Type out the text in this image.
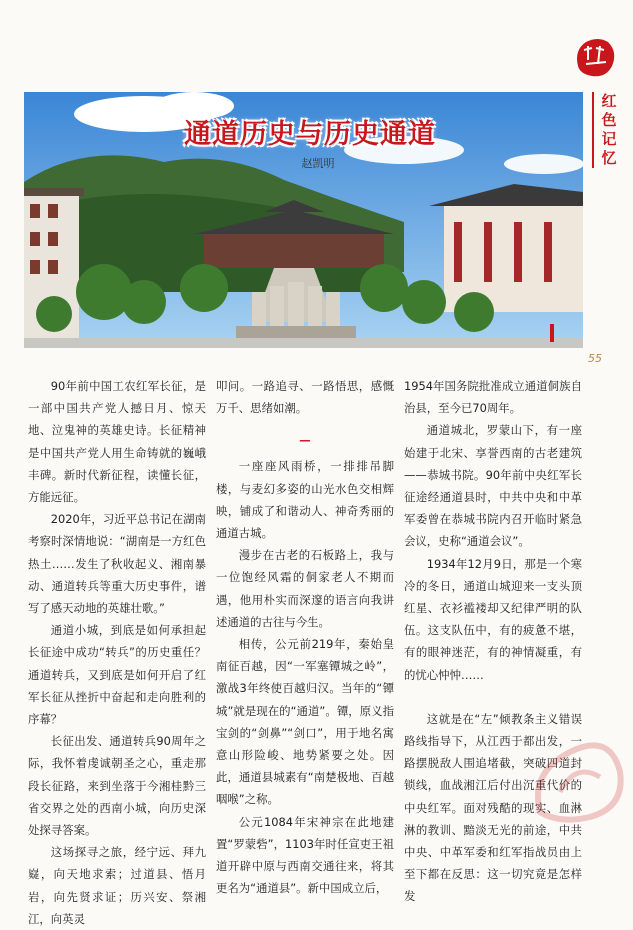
红
色
记
忆
通道历史与历史通道
赵凯明
55

90年前中国工农红军长征，是一部中国共产党人撼日月、惊天地、泣鬼神的英雄史诗。长征精神是中国共产党人用生命铸就的巍峨丰碑。新时代新征程，读懂长征，方能远征。

2020年，习近平总书记在湖南考察时深情地说：“湖南是一方红色热土……发生了秋收起义、湘南暴动、通道转兵等重大历史事件，谱写了感天动地的英雄壮歌。”

通道小城，到底是如何承担起长征途中成功“转兵”的历史重任？通道转兵，又到底是如何开启了红军长征从挫折中奋起和走向胜利的序幕？

长征出发、通道转兵90周年之际，我怀着虔诚朝圣之心，重走那段长征路，来到坐落于今湘桂黔三省交界之处的西南小城，向历史深处探寻答案。

这场探寻之旅，经宁远、拜九嶷，向天地求索；过道县、悟月岩，向先贤求证；历兴安、祭湘江，向英灵

叩问。一路追寻、一路悟思，感慨万千、思绪如潮。

—

一座座风雨桥，一排排吊脚楼，与麦幻多姿的山光水色交相辉映，铺成了和谐动人、神奇秀丽的通道古城。

漫步在古老的石板路上，我与一位饱经风霜的侗家老人不期而遇，他用朴实而深邃的语言向我讲述通道的古往与今生。

相传，公元前219年，秦始皇南征百越，因“一军塞镡城之岭”，激战3年终使百越归汉。当年的“镡城”就是现在的“通道”。镡，原义指宝剑的“剑鼻”“剑口”，用于地名寓意山形险峻、地势紧要之处。因此，通道县城素有“南楚极地、百越咽喉”之称。

公元1084年宋神宗在此地建置“罗蒙砦”，1103年时任宣吏王祖道开辟中原与西南交通往来，将其更名为“通道县”。新中国成立后，

1954年国务院批准成立通道侗族自治县，至今已70周年。

通道城北，罗蒙山下，有一座始建于北宋、享誉西南的古老建筑——恭城书院。90年前中央红军长征途经通道县时，中共中央和中革军委曾在恭城书院内召开临时紧急会议，史称“通道会议”。

1934年12月9日，那是一个寒冷的冬日，通道山城迎来一支头顶红星、衣衫褴褛却又纪律严明的队伍。这支队伍中，有的疲惫不堪，有的眼神迷茫，有的神情凝重，有的忧心忡忡……

这就是在“左”倾教条主义错误路线指导下，从江西于都出发，一路摆脱敌人围追堵截，突破四道封锁线，血战湘江后付出沉重代价的中央红军。面对残酷的现实、血淋淋的教训、黯淡无光的前途，中共中央、中革军委和红军指战员由上至下都在反思：这一切究竟是怎样发
